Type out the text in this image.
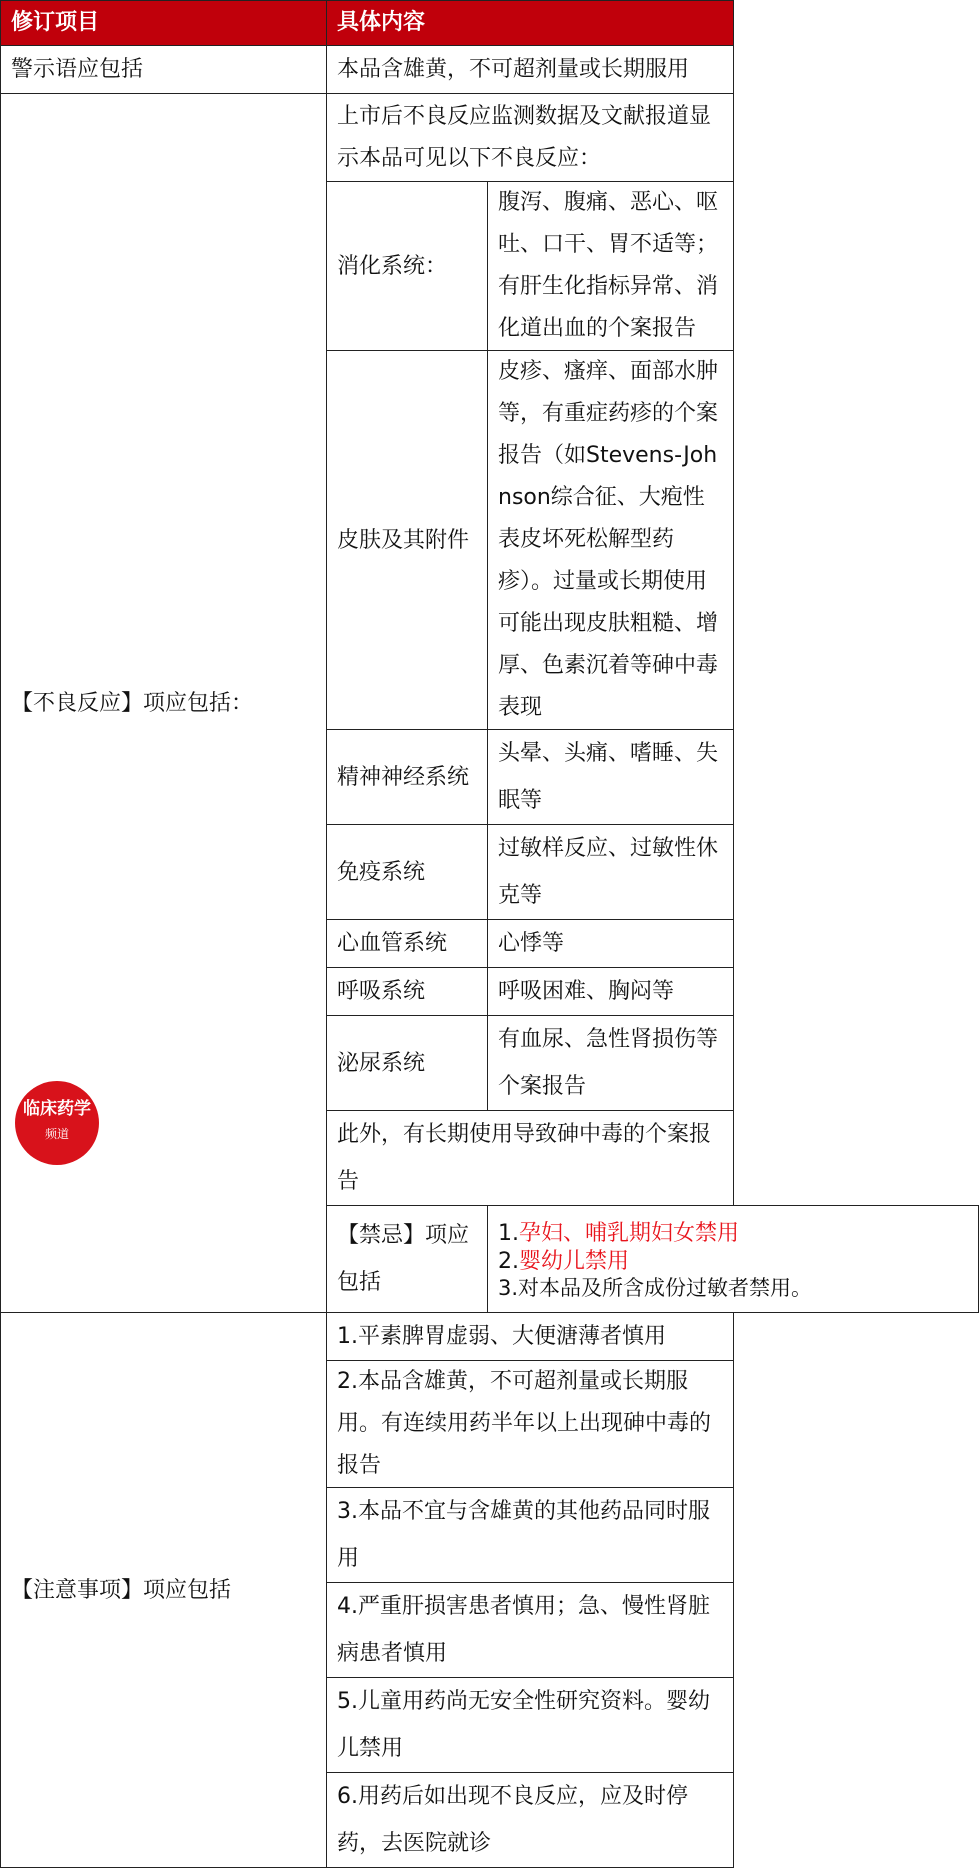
修订项目	具体内容	
警示语应包括	本品含雄黄，不可超剂量或长期服用	
【不良反应】项应包括：	上市后不良反应监测数据及文献报道显示本品可见以下不良反应：	
	消化系统：	腹泻、腹痛、恶心、呕吐、口干、胃不适等；有肝生化指标异常、消化道出血的个案报告
	皮肤及其附件	皮疹、瘙痒、面部水肿等，有重症药疹的个案报告（如Stevens-Johnson综合征、大疱性表皮坏死松解型药疹）。过量或长期使用可能出现皮肤粗糙、增厚、色素沉着等砷中毒表现
	精神神经系统	头晕、头痛、嗜睡、失眠等
	免疫系统	过敏样反应、过敏性休克等
	心血管系统	心悸等
	呼吸系统	呼吸困难、胸闷等
	泌尿系统	有血尿、急性肾损伤等个案报告
	此外，有长期使用导致砷中毒的个案报告	
	【禁忌】项应包括	1.孕妇、哺乳期妇女禁用
2.婴幼儿禁用
3.对本品及所含成份过敏者禁用。

【注意事项】项应包括	1.平素脾胃虚弱、大便溏薄者慎用	
	2.本品含雄黄，不可超剂量或长期服用。有连续用药半年以上出现砷中毒的报告	
	3.本品不宜与含雄黄的其他药品同时服用	
	4.严重肝损害患者慎用；急、慢性肾脏病患者慎用	
	5.儿童用药尚无安全性研究资料。婴幼儿禁用	
	6.用药后如出现不良反应，应及时停药，去医院就诊	
临床药学
频道
